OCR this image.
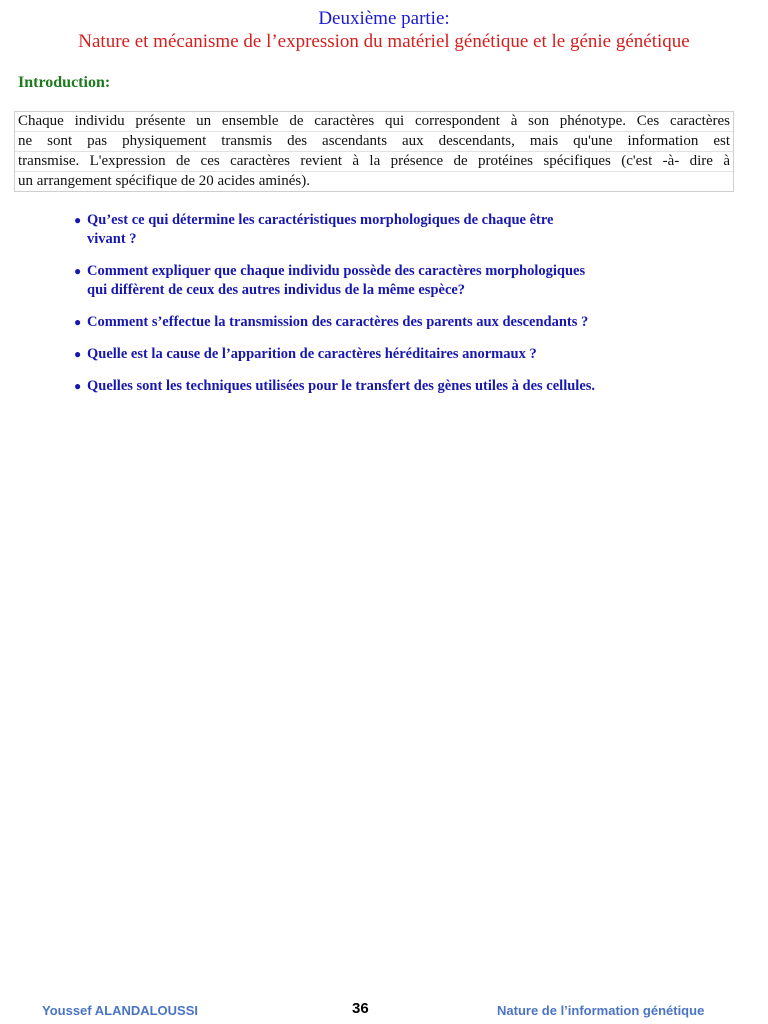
Deuxième partie:
Nature et mécanisme de l’expression du matériel génétique et le génie génétique
Introduction:
Chaque individu présente un ensemble de caractères qui correspondent à son phénotype. Ces caractères
ne sont pas physiquement transmis des ascendants aux descendants, mais qu'une information est
transmise. L'expression de ces caractères revient à la présence de protéines spécifiques (c'est -à- dire à
un arrangement spécifique de 20 acides aminés).
● Qu’est ce qui détermine les caractéristiques morphologiques de chaque être
vivant ?
● Comment expliquer que chaque individu possède des caractères morphologiques
qui diffèrent de ceux des autres individus de la même espèce?
● Comment s’effectue la transmission des caractères des parents aux descendants ?
● Quelle est la cause de l’apparition de caractères héréditaires anormaux ?
● Quelles sont les techniques utilisées pour le transfert des gènes utiles à des cellules.
Youssef ALANDALOUSSI	36	Nature de l’information génétique
